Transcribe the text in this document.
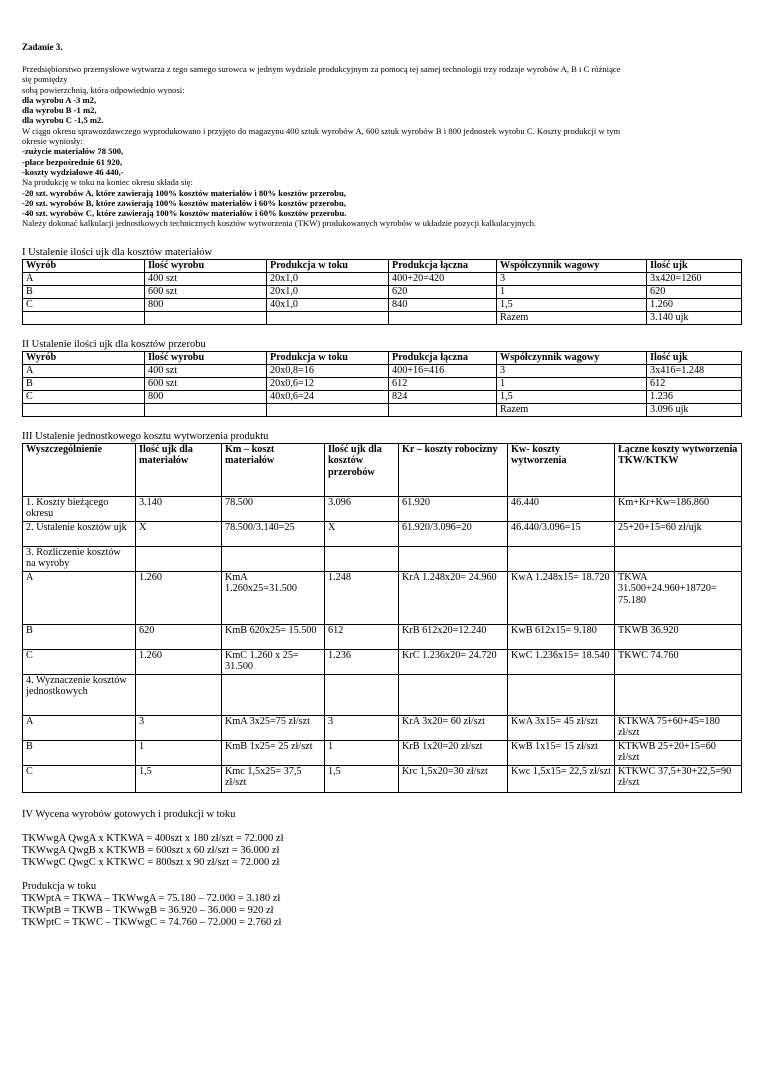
Zadanie 3.
Przedsiębiorstwo przemysłowe wytwarza z tego samego surowca w jednym wydziale produkcyjnym za pomocą tej samej technologii trzy rodzaje wyrobów A, B i C różniące
się pomiędzy
sobą powierzchnią, która odpowiednio wynosi:
dla wyrobu A -3 m2,
dla wyrobu B -1 m2,
dla wyrobu C -1,5 m2.
W ciągu okresu sprawozdawczego wyprodukowano i przyjęto do magazynu 400 sztuk wyrobów A, 600 sztuk wyrobów B i 800 jednostek wyrobu C. Koszty produkcji w tym
okresie wyniosły:
-zużycie materiałów 78 500,
-płace bezpośrednie 61 920,
-koszty wydziałowe 46 440,-
Na produkcję w toku na koniec okresu składa się:
-20 szt. wyrobów A, które zawierają 100% kosztów materiałów i 80% kosztów przerobu,
-20 szt. wyrobów B, które zawierają 100% kosztów materiałów i 60% kosztów przerobu,
-40 szt. wyrobów C, które zawierają 100% kosztów materiałów i 60% kosztów przerobu.
Należy dokonać kalkulacji jednostkowych technicznych kosztów wytworzenia (TKW) produkowanych wyrobów w układzie pozycji kalkulacyjnych.

I Ustalenie ilości ujk dla kosztów materiałów

Wyrób	Ilość wyrobu	Produkcja w toku	Produkcja łączna	Współczynnik wagowy	Ilość ujk
A	400 szt	20x1,0	400+20=420	3	3x420=1260
B	600 szt	20x1,0	620	1	620
C	800	40x1,0	840	1,5	1.260
				Razem	3.140 ujk

II Ustalenie ilości ujk dla kosztów przerobu

Wyrób	Ilość wyrobu	Produkcja w toku	Produkcja łączna	Współczynnik wagowy	Ilość ujk
A	400 szt	20x0,8=16	400+16=416	3	3x416=1.248
B	600 szt	20x0,6=12	612	1	612
C	800	40x0,6=24	824	1,5	1.236
				Razem	3.096 ujk

III Ustalenie jednostkowego kosztu wytworzenia produktu

Wyszczególnienie	Ilość ujk dla materiałów	Km – koszt materiałów	Ilość ujk dla kosztów przerobów	Kr – koszty robocizny	Kw- koszty wytworzenia	Łączne koszty wytworzenia TKW/KTKW
1. Koszty bieżącego okresu	3.140	78.500	3.096	61.920	46.440	Km+Kr+Kw=186.860
2. Ustalenie kosztów ujk	X	78.500/3.140=25	X	61.920/3.096=20	46.440/3.096=15	25+20+15=60 zł/ujk
3. Rozliczenie kosztów na wyroby						
A	1.260	KmA 1.260x25=31.500	1.248	KrA 1.248x20= 24.960	KwA 1.248x15= 18.720	TKWA 31.500+24.960+18720= 75.180
B	620	KmB 620x25= 15.500	612	KrB 612x20=12.240	KwB 612x15= 9.180	TKWB 36.920
C	1.260	KmC 1.260 x 25= 31.500	1.236	KrC 1.236x20= 24.720	KwC 1.236x15= 18.540	TKWC 74.760
4. Wyznaczenie kosztów jednostkowych						
A	3	KmA 3x25=75 zł/szt	3	KrA 3x20= 60 zł/szt	KwA 3x15= 45 zł/szt	KTKWA 75+60+45=180 zł/szt
B	1	KmB 1x25= 25 zł/szt	1	KrB 1x20=20 zł/szt	KwB 1x15= 15 zł/szt	KTKWB 25+20+15=60 zł/szt
C	1,5	Kmc 1,5x25= 37,5 zł/szt	1,5	Krc 1,5x20=30 zł/szt	Kwc 1,5x15= 22,5 zł/szt	KTKWC 37,5+30+22,5=90 zł/szt

IV Wycena wyrobów gotowych i produkcji w toku

TKWwgA QwgA x KTKWA = 400szt x 180 zł/szt = 72.000 zł
TKWwgA QwgB x KTKWB = 600szt x 60 zł/szt = 36.000 zł
TKWwgC QwgC x KTKWC = 800szt x 90 zł/szt = 72.000 zł

Produkcja w toku

TKWptA = TKWA – TKWwgA = 75.180 – 72.000 = 3.180 zł
TKWptB = TKWB – TKWwgB = 36.920 – 36.000 = 920 zł
TKWptC = TKWC – TKWwgC = 74.760 – 72.000 = 2.760 zł
